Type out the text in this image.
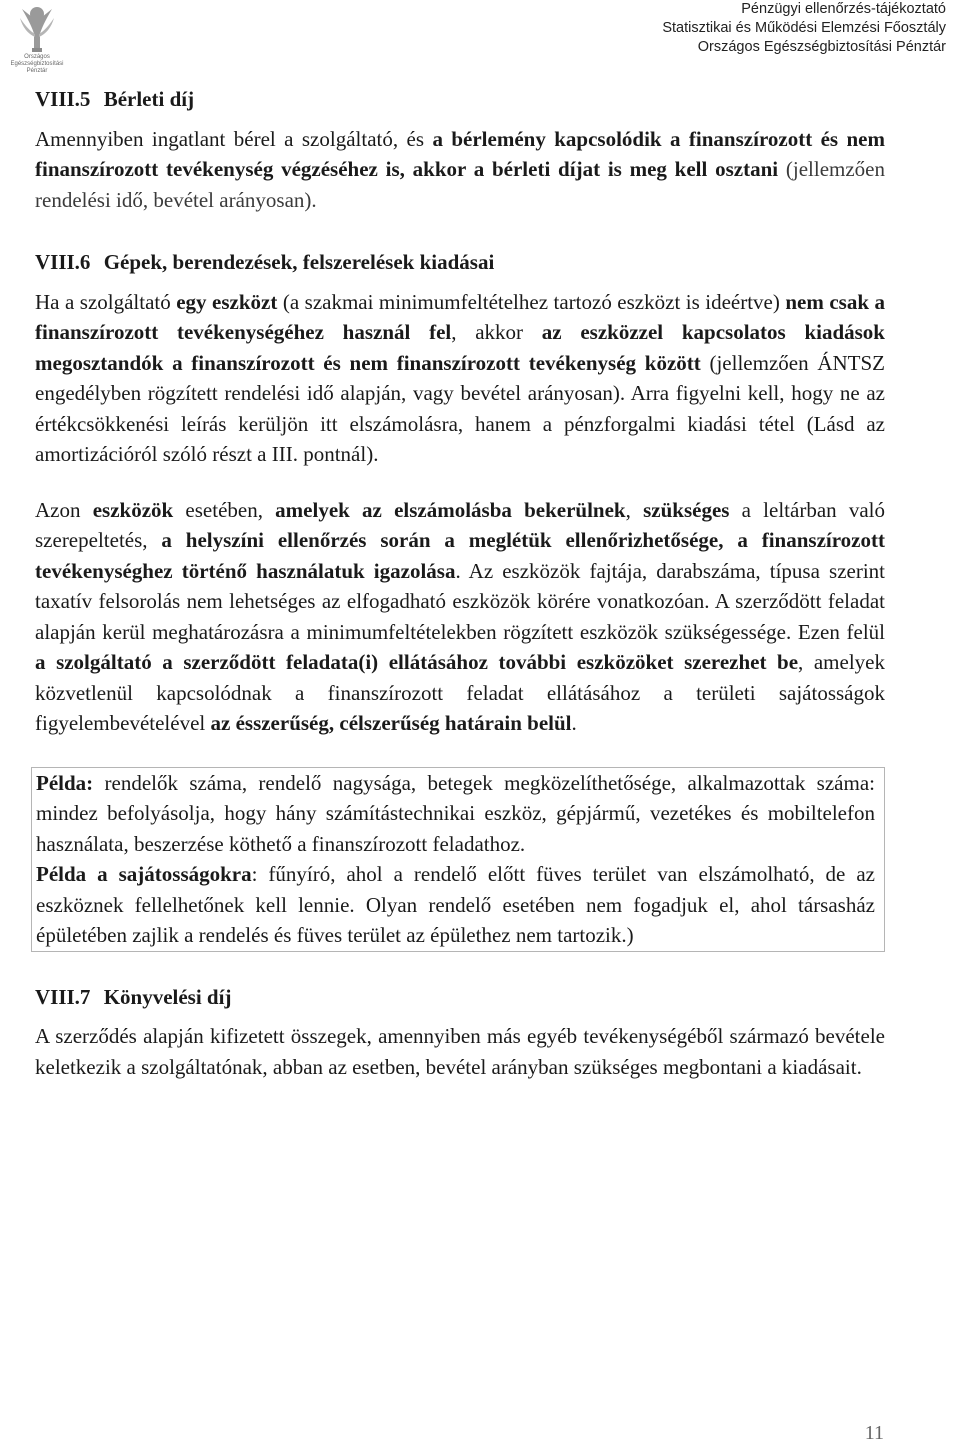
Országos Egészségbiztosítási Pénztár
Pénzügyi ellenőrzés-tájékoztató
Statisztikai és Működési Elemzési Főosztály
Országos Egészségbiztosítási Pénztár
VIII.5 Bérleti díj

Amennyiben ingatlant bérel a szolgáltató, és a bérlemény kapcsolódik a finanszírozott és nem finanszírozott tevékenység végzéséhez is, akkor a bérleti díjat is meg kell osztani (jellemzően rendelési idő, bevétel arányosan).

VIII.6 Gépek, berendezések, felszerelések kiadásai

Ha a szolgáltató egy eszközt (a szakmai minimumfeltételhez tartozó eszközt is ideértve) nem csak a finanszírozott tevékenységéhez használ fel, akkor az eszközzel kapcsolatos kiadások megosztandók a finanszírozott és nem finanszírozott tevékenység között (jellemzően ÁNTSZ engedélyben rögzített rendelési idő alapján, vagy bevétel arányosan). Arra figyelni kell, hogy ne az értékcsökkenési leírás kerüljön itt elszámolásra, hanem a pénzforgalmi kiadási tétel (Lásd az amortizációról szóló részt a III. pontnál).

Azon eszközök esetében, amelyek az elszámolásba bekerülnek, szükséges a leltárban való szerepeltetés, a helyszíni ellenőrzés során a meglétük ellenőrizhetősége, a finanszírozott tevékenységhez történő használatuk igazolása. Az eszközök fajtája, darabszáma, típusa szerint taxatív felsorolás nem lehetséges az elfogadható eszközök körére vonatkozóan. A szerződött feladat alapján kerül meghatározásra a minimumfeltételekben rögzített eszközök szükségessége. Ezen felül a szolgáltató a szerződött feladata(i) ellátásához további eszközöket szerezhet be, amelyek közvetlenül kapcsolódnak a finanszírozott feladat ellátásához a területi sajátosságok figyelembevételével az ésszerűség, célszerűség határain belül.

Példa: rendelők száma, rendelő nagysága, betegek megközelíthetősége, alkalmazottak száma: mindez befolyásolja, hogy hány számítástechnikai eszköz, gépjármű, vezetékes és mobiltelefon használata, beszerzése köthető a finanszírozott feladathoz.

Példa a sajátosságokra: fűnyíró, ahol a rendelő előtt füves terület van elszámolható, de az eszköznek fellelhetőnek kell lennie. Olyan rendelő esetében nem fogadjuk el, ahol társasház épületében zajlik a rendelés és füves terület az épülethez nem tartozik.)

VIII.7 Könyvelési díj

A szerződés alapján kifizetett összegek, amennyiben más egyéb tevékenységéből származó bevétele keletkezik a szolgáltatónak, abban az esetben, bevétel arányban szükséges megbontani a kiadásait.

11
